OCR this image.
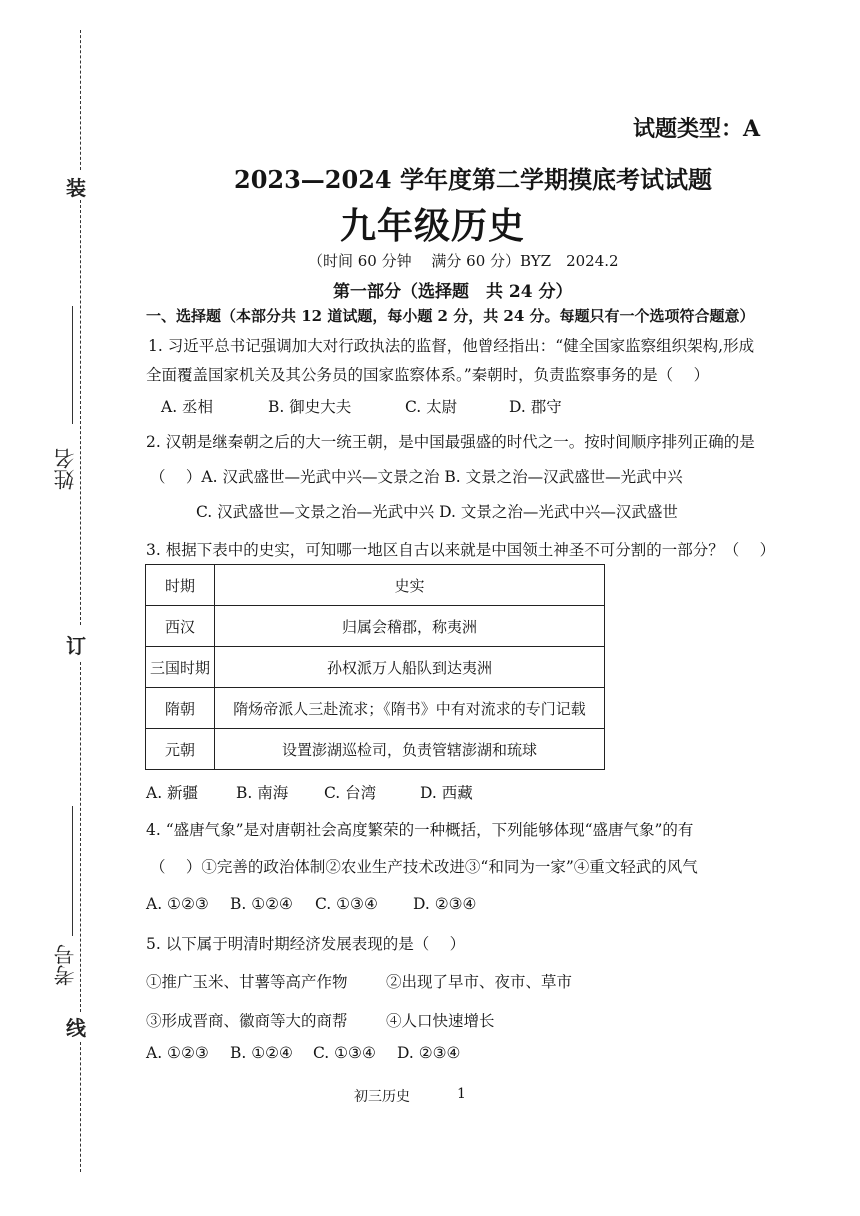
装
订
线
姓名
考号
试题类型：A
2023—2024 学年度第二学期摸底考试试题
九年级历史
（时间 60 分钟　 满分 60 分）BYZ　2024.2
第一部分（选择题　共 24 分）
一、选择题（本部分共 12 道试题，每小题 2 分，共 24 分。每题只有一个选项符合题意）
1. 习近平总书记强调加大对行政执法的监督，他曾经指出：“健全国家监察组织架构,形成
全面覆盖国家机关及其公务员的国家监察体系。”秦朝时，负责监察事务的是（　 ）
A. 丞相	B. 御史大夫	C. 太尉	D. 郡守
2. 汉朝是继秦朝之后的大一统王朝，是中国最强盛的时代之一。按时间顺序排列正确的是
（　 ）A. 汉武盛世—光武中兴—文景之治 B. 文景之治—汉武盛世—光武中兴
C. 汉武盛世—文景之治—光武中兴 D. 文景之治—光武中兴—汉武盛世
3. 根据下表中的史实，可知哪一地区自古以来就是中国领土神圣不可分割的一部分？（　 ）
时期	史实
西汉	归属会稽郡，称夷洲
三国时期	孙权派万人船队到达夷洲
隋朝	隋炀帝派人三赴流求；《隋书》中有对流求的专门记载
元朝	设置澎湖巡检司，负责管辖澎湖和琉球
A. 新疆 B. 南海 C. 台湾	D. 西藏
4. “盛唐气象”是对唐朝社会高度繁荣的一种概括，下列能够体现“盛唐气象”的有
（　 ）①完善的政治体制②农业生产技术改进③“和同为一家”④重文轻武的风气
A. ①②③ B. ①②④ C. ①③④ D. ②③④
5. 以下属于明清时期经济发展表现的是（　 ）
①推广玉米、甘薯等高产作物 ②出现了早市、夜市、草市
③形成晋商、徽商等大的商帮 ④人口快速增长
A. ①②③ B. ①②④ C. ①③④ D. ②③④
初三历史	1
